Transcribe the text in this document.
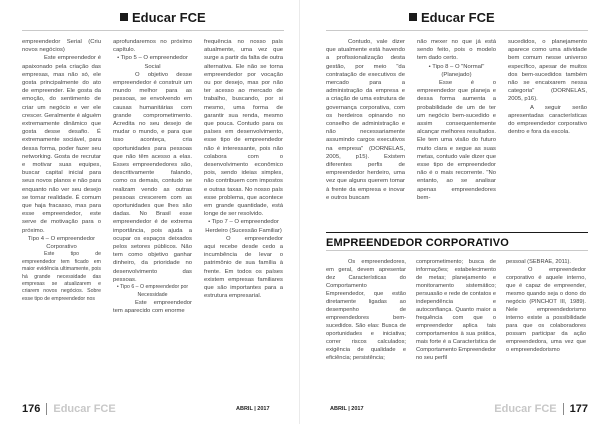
Educar FCE

empreendedor Serial (Criu novos negócios)

Este empreendedor é apaixonado pela criação das empresas, mas não só, ele gosta principalmente do ato de empreender. Ele gosta da emoção, do sentimento de criar um negócio e ver ele crescer. Geralmente é alguém extremamente dinâmico que gosta desse desafio. É extremamente sociável, para dessa forma, poder fazer seu networking. Gosta de recrutar e motivar suas equipes, buscar capital inicial para seus novos planos e não para enquanto não ver seu desejo se tornar realidade. É comum que haja fracasso, mas para esse empreendedor, este serve de motivação para o próximo.

Tipo 4 – O empreendedor Corporativo

Este tipo de empreendedor tem ficado em maior evidência ultimamente, pois há grande necessidade das empresas se atualizarem e criarem novos negócios. Sobre esse tipo de empreendedor nos

aprofundaremos no próximo capítulo.

• Tipo 5 – O empreendedor Social

O objetivo desse empreendedor é construir um mundo melhor para as pessoas, se envolvendo em causas humanitárias com grande comprometimento. Acredita no seu desejo de mudar o mundo, e para que isso aconteça, cria oportunidades para pessoas que não têm acesso a elas. Esses empreendedores são, descritivamente falando, como os demais, contudo se realizam vendo as outras pessoas crescerem com as oportunidades que lhes são dadas. No Brasil esse empreendedor é de extrema importância, pois ajuda a ocupar os espaços deixados pelos setores públicos. Não tem como objetivo ganhar dinheiro, da prioridade no desenvolvimento das pessoas.

• Tipo 6 – O empreendedor por Necessidade

Este empreendedor tem aparecido com enorme

frequência no nosso país atualmente, uma vez que surge a partir da falta de outra alternativa. Ele não se torna empreendedor por vocação ou por desejo, mas por não ter acesso ao mercado de trabalho, buscando, por si mesmo, uma forma de garantir sua renda, mesmo que pouca. Contudo para os países em desenvolvimento, esse tipo de empreendedor não é interessante, pois não colabora com o desenvolvimento econômico pois, sendo ideias simples, não contribuem com impostos e outras taxas. No nosso país esse problema, que acontece em grande quantidade, está longe de ser resolvido.

• Tipo 7 – O empreendedor Herdeiro (Sucessão Familiar)

O empreendedor aqui recebe desde cedo a incumbência de levar o patrimônio de sua família à frente. Em todos os países existem empresas familiares que são importantes para a estrutura empresarial.

176 Educar FCE	ABRIL | 2017
Educar FCE

Contudo, vale dizer que atualmente está havendo a profissionalização desta gestão, por meio "da contratação de executivos de mercado para a administração da empresa e a criação de uma estrutura de governança corporativa, com os herdeiros opinando no conselho de administração e não necessariamente assumindo cargos executivos na empresa" (DORNELAS, 2005, p15). Existem diferentes perfis de empreendedor herdeiro, uma vez que alguns querem tomar à frente da empresa e inovar e outros buscam

não mexer no que já está sendo feito, pois o modelo tem dado certo.

• Tipo 8 – O "Normal" (Planejado)

Esse é o empreendedor que planeja e dessa forma aumenta a probabilidade de um de ter um negócio bem-sucedido e assim consequentemente alcançar melhores resultados. Ele tem uma visão do futuro muito clara e segue as suas metas, contudo vale dizer que esse tipo de empreendedor não é o mais recorrente. "No entanto, ao se analisar apenas empreendedores bem-

sucedidos, o planejamento aparece como uma atividade bem comum nesse universo específico, apesar de muitos dos bem-sucedidos também não se encaixarem nessa categoria" (DORNELAS, 2005, p16).

A seguir serão apresentadas características do empreendedor corporativo dentro e fora da escola.

Os empreendedores, em geral, devem apresentar dez Características do Comportamento Empreendedor, que estão diretamente ligadas ao desempenho de empreendedores bem-sucedidos. São elas: Busca de oportunidades e iniciativa; correr riscos calculados; exigência de qualidade e eficiência; persistência;

comprometimento; busca de informações; estabelecimento de metas; planejamento e monitoramento sistemático; persuasão e rede de contatos e independência e autoconfiança. Quanto maior a frequência com que o empreendedor aplica tais comportamentos à sua prática, mais forte é a Característica de Comportamento Empreendedor no seu perfil

pessoal (SEBRAE, 2011).

O empreendedor corporativo é aquele interno, que é capaz de empreender, mesmo quando seja o dono do negócio (PINCHOT III, 1989). Nele empreendedorismo interno existe a possibilidade para que os colaboradores possam participar da ação empreendedora, uma vez que o empreendedorismo

ABRIL | 2017	Educar FCE 177
EMPREENDEDOR CORPORATIVO
